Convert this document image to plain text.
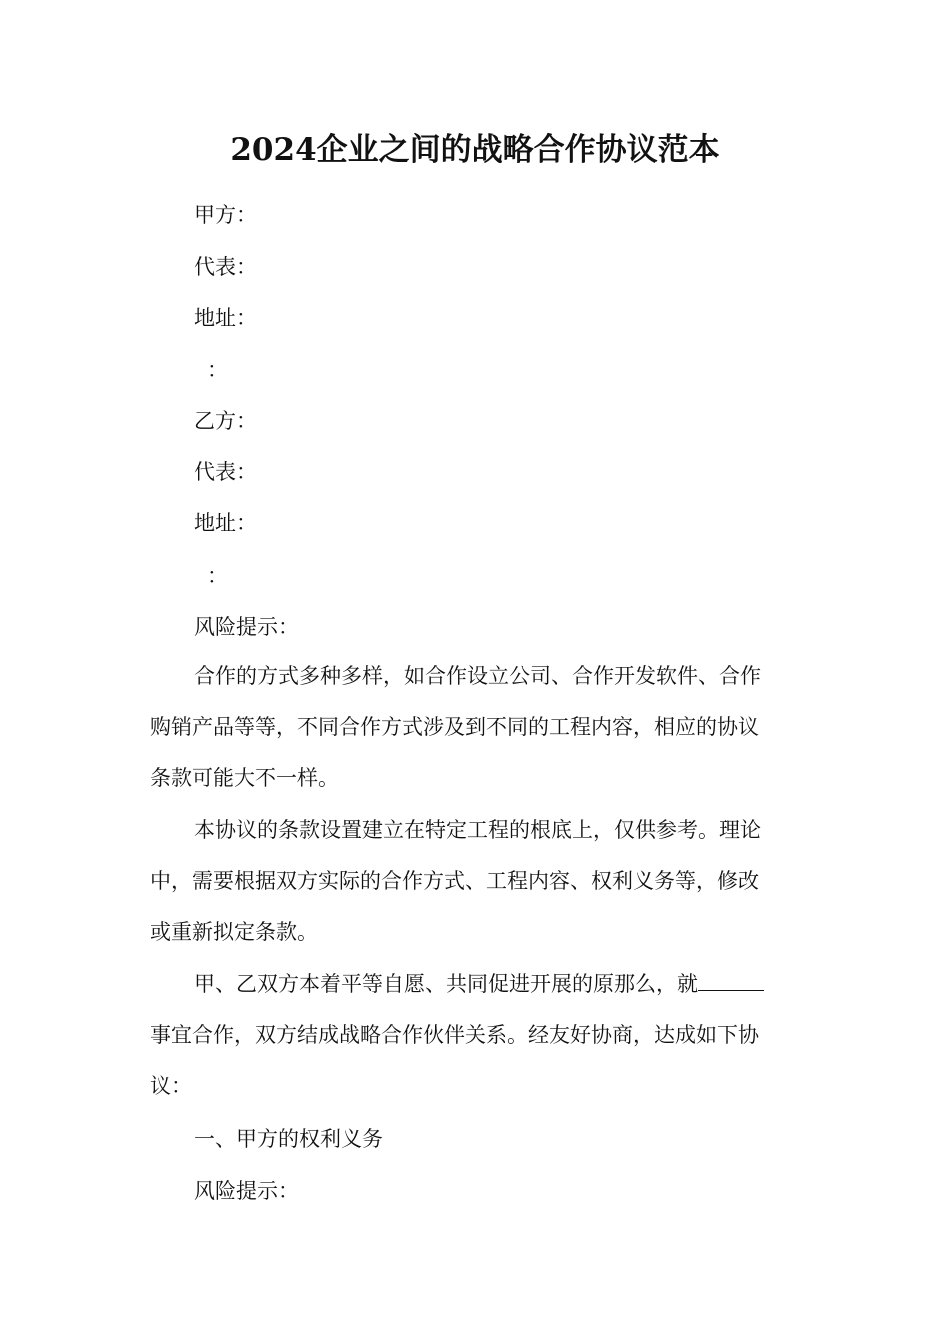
2024企业之间的战略合作协议范本
甲方：
代表：
地址：
：
乙方：
代表：
地址：
：
风险提示：
合作的方式多种多样，如合作设立公司、合作开发软件、合作
购销产品等等，不同合作方式涉及到不同的工程内容，相应的协议
条款可能大不一样。
本协议的条款设置建立在特定工程的根底上，仅供参考。理论
中，需要根据双方实际的合作方式、工程内容、权利义务等，修改
或重新拟定条款。
甲、乙双方本着平等自愿、共同促进开展的原那么，就
事宜合作，双方结成战略合作伙伴关系。经友好协商，达成如下协
议：
一、甲方的权利义务
风险提示：
